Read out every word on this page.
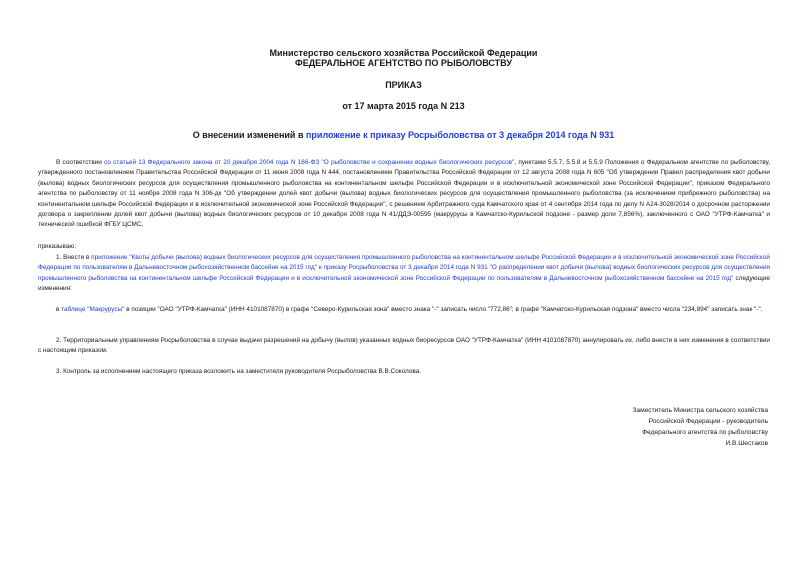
Министерство сельского хозяйства Российской Федерации
ФЕДЕРАЛЬНОЕ АГЕНТСТВО ПО РЫБОЛОВСТВУ
ПРИКАЗ
от 17 марта 2015 года N 213
О внесении изменений в приложение к приказу Росрыболовства от 3 декабря 2014 года N 931
В соответствии со статьей 13 Федерального закона от 20 декабря 2004 года N 166-ФЗ "О рыболовстве и сохранении водных биологических ресурсов", пунктами 5.5.7, 5.5.8 и 5.5.9 Положения о Федеральном агентстве по рыболовству, утвержденного постановлением Правительства Российской Федерации от 11 июня 2008 года N 444, постановлением Правительства Российской Федерации от 12 августа 2008 года N 605 "Об утверждении Правил распределения квот добычи (вылова) водных биологических ресурсов для осуществления промышленного рыболовства на континентальном шельфе Российской Федерации и в исключительной экономической зоне Российской Федерации", приказом Федерального агентства по рыболовству от 11 ноября 2008 года N 306-дк "Об утверждении долей квот добычи (вылова) водных биологических ресурсов для осуществления промышленного рыболовства (за исключением прибрежного рыболовства) на континентальном шельфе Российской Федерации и в исключительной экономической зоне Российской Федерации", с решением Арбитражного суда Камчатского края от 4 сентября 2014 года по делу N А24-3028/2014 о досрочном расторжении договора о закреплении долей квот добычи (вылова) водных биологических ресурсов от 10 декабря 2008 года N 41/ДДЭ-00595 (макрурусы в Камчатско-Курильской подзоне - размер доли 7,856%), заключенного с ОАО "УТРФ-Камчатка" и технической ошибкой ФГБУ ЦСМС,
приказываю:
1. Внести в приложение "Квоты добычи (вылова) водных биологических ресурсов для осуществления промышленного рыболовства на континентальном шельфе Российской Федерации и в исключительной экономической зоне Российской Федерации по пользователям в Дальневосточном рыбохозяйственном бассейне на 2015 год" к приказу Росрыболовства от 3 декабря 2014 года N 931 "О распределении квот добычи (вылова) водных биологических ресурсов для осуществления промышленного рыболовства на континентальном шельфе Российской Федерации и в исключительной экономической зоне Российской Федерации по пользователям в Дальневосточном рыбохозяйственном бассейне на 2015 год" следующие изменения:
в таблице "Макрурусы" в позиции "ОАО "УТРФ-Камчатка" (ИНН 4101087870) в графе "Северо-Курильская зона" вместо знака "-" записать число "772,86"; в графе "Камчатско-Курильская подзона" вместо числа "234,894" записать знак "-".
2. Территориальным управлениям Росрыболовства в случае выдачи разрешений на добычу (вылов) указанных водных биоресурсов ОАО "УТРФ-Камчатка" (ИНН 4101087870) аннулировать их, либо внести в них изменения в соответствии с настоящим приказом.
3. Контроль за исполнением настоящего приказа возложить на заместителя руководителя Росрыболовства В.В.Соколова.
Заместитель Министра сельского хозяйства
Российской Федерации - руководитель
Федерального агентства по рыболовству
И.В.Шестаков
